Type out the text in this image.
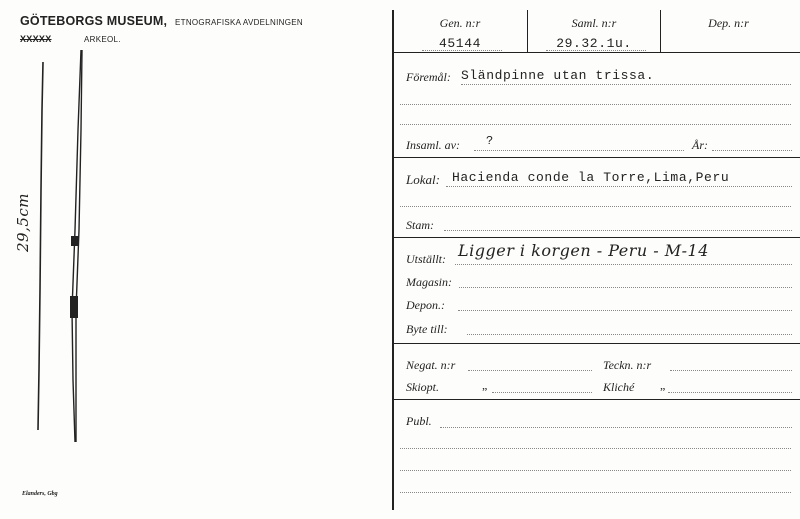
GÖTEBORGS MUSEUM, ETNOGRAFISKA AVDELNINGEN
XXXXX	ARKEOL.
29,5cm
Elanders, Gbg
Gen. n:r
45144
Saml. n:r
29.32.1u.
Dep. n:r
Föremål: Sländpinne utan trissa.
Insaml. av: ?	År:
Lokal: Hacienda conde la Torre,Lima,Peru
Stam:
Utställt: Ligger i korgen - Peru - M-14
Magasin:
Depon.:
Byte till:
Negat. n:r	Teckn. n:r
Skiopt.	„	Kliché „
Publ.
